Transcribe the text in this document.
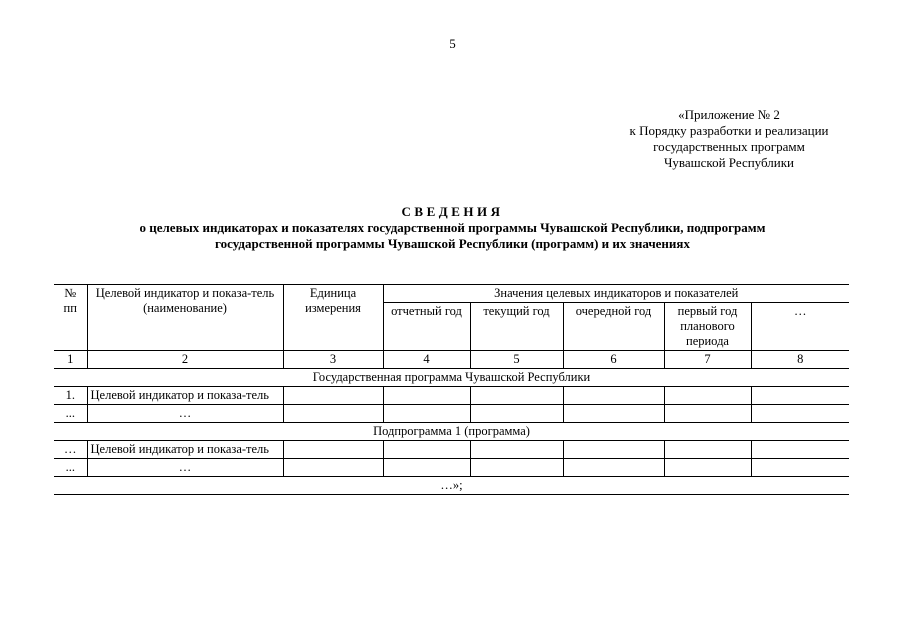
5
«Приложение № 2
к Порядку разработки и реализации
государственных программ
Чувашской Республики
СВЕДЕНИЯ
о целевых индикаторах и показателях государственной программы Чувашской Республики, подпрограмм
государственной программы Чувашской Республики (программ) и их значениях
№ пп	Целевой индикатор и показа-тель (наименование)	Единица измерения	Значения целевых индикаторов и показателей				
			отчетный год	текущий год	очередной год	первый год планового периода	…
1	2	3	4	5	6	7	8
Государственная программа Чувашской Республики							
1.	Целевой индикатор и показа-тель						
...	…						
Подпрограмма 1 (программа)							
…	Целевой индикатор и показа-тель						
...	…						
…»;							
